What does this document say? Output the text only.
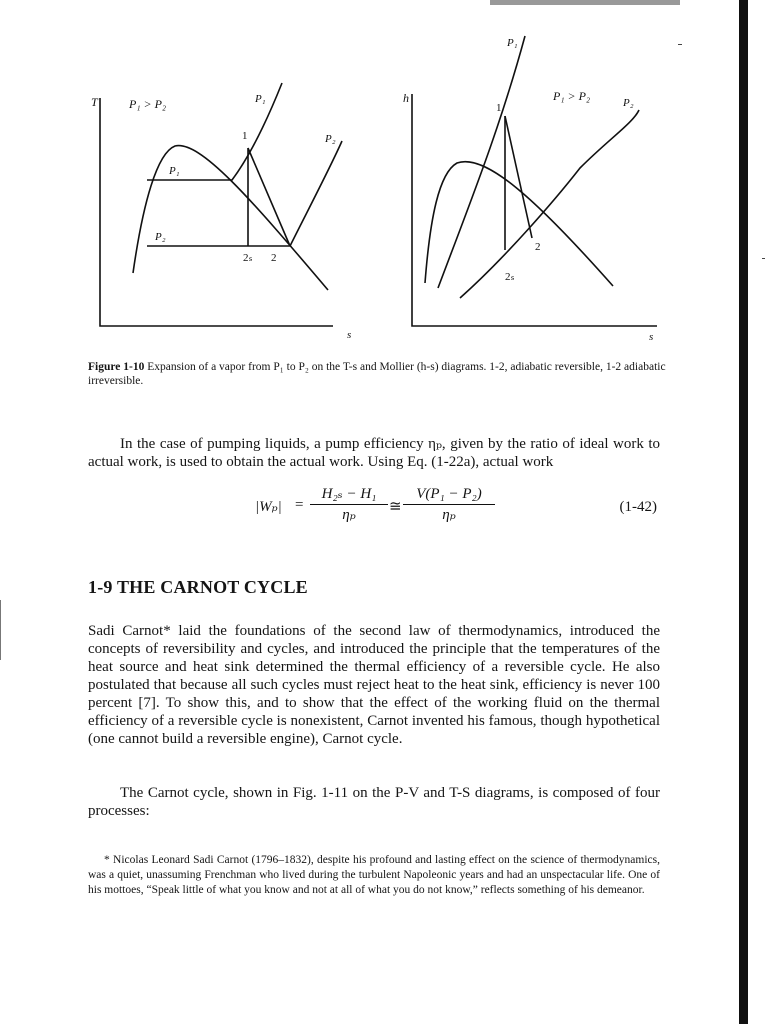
T
s
P₁ > P₂	P₁
P₂
P₁
P₂
1
2ₛ 2
h
s
P₁
P₁ > P₂	P₂
1
2
2ₛ
Figure 1-10 Expansion of a vapor from P₁ to P₂ on the T-s and Mollier (h-s) diagrams. 1-2, adiabatic reversible, 1-2 adiabatic irreversible.

In the case of pumping liquids, a pump efficiency ηₚ, given by the ratio of ideal work to actual work, is used to obtain the actual work. Using Eq. (1-22a), actual work

$|W_p| = \frac{\text{H₂ₛ − H₁}}{\text{ηₚ}}$ ≅ $\frac{\text{V(P₁ − P₂)}}{\text{ηₚ}}$	(1-42)
1-9 THE CARNOT CYCLE

Sadi Carnot* laid the foundations of the second law of thermodynamics, introduced the concepts of reversibility and cycles, and introduced the principle that the temperatures of the heat source and heat sink determined the thermal efficiency of a reversible cycle. He also postulated that because all such cycles must reject heat to the heat sink, efficiency is never 100 percent [7]. To show this, and to show that the effect of the working fluid on the thermal efficiency of a reversible cycle is nonexistent, Carnot invented his famous, though hypothetical (one cannot build a reversible engine), Carnot cycle.

The Carnot cycle, shown in Fig. 1-11 on the P-V and T-S diagrams, is composed of four processes:

* Nicolas Leonard Sadi Carnot (1796–1832), despite his profound and lasting effect on the science of thermodynamics, was a quiet, unassuming Frenchman who lived during the turbulent Napoleonic years and had an unspectacular life. One of his mottoes, “Speak little of what you know and not at all of what you do not know,” reflects something of his demeanor.
